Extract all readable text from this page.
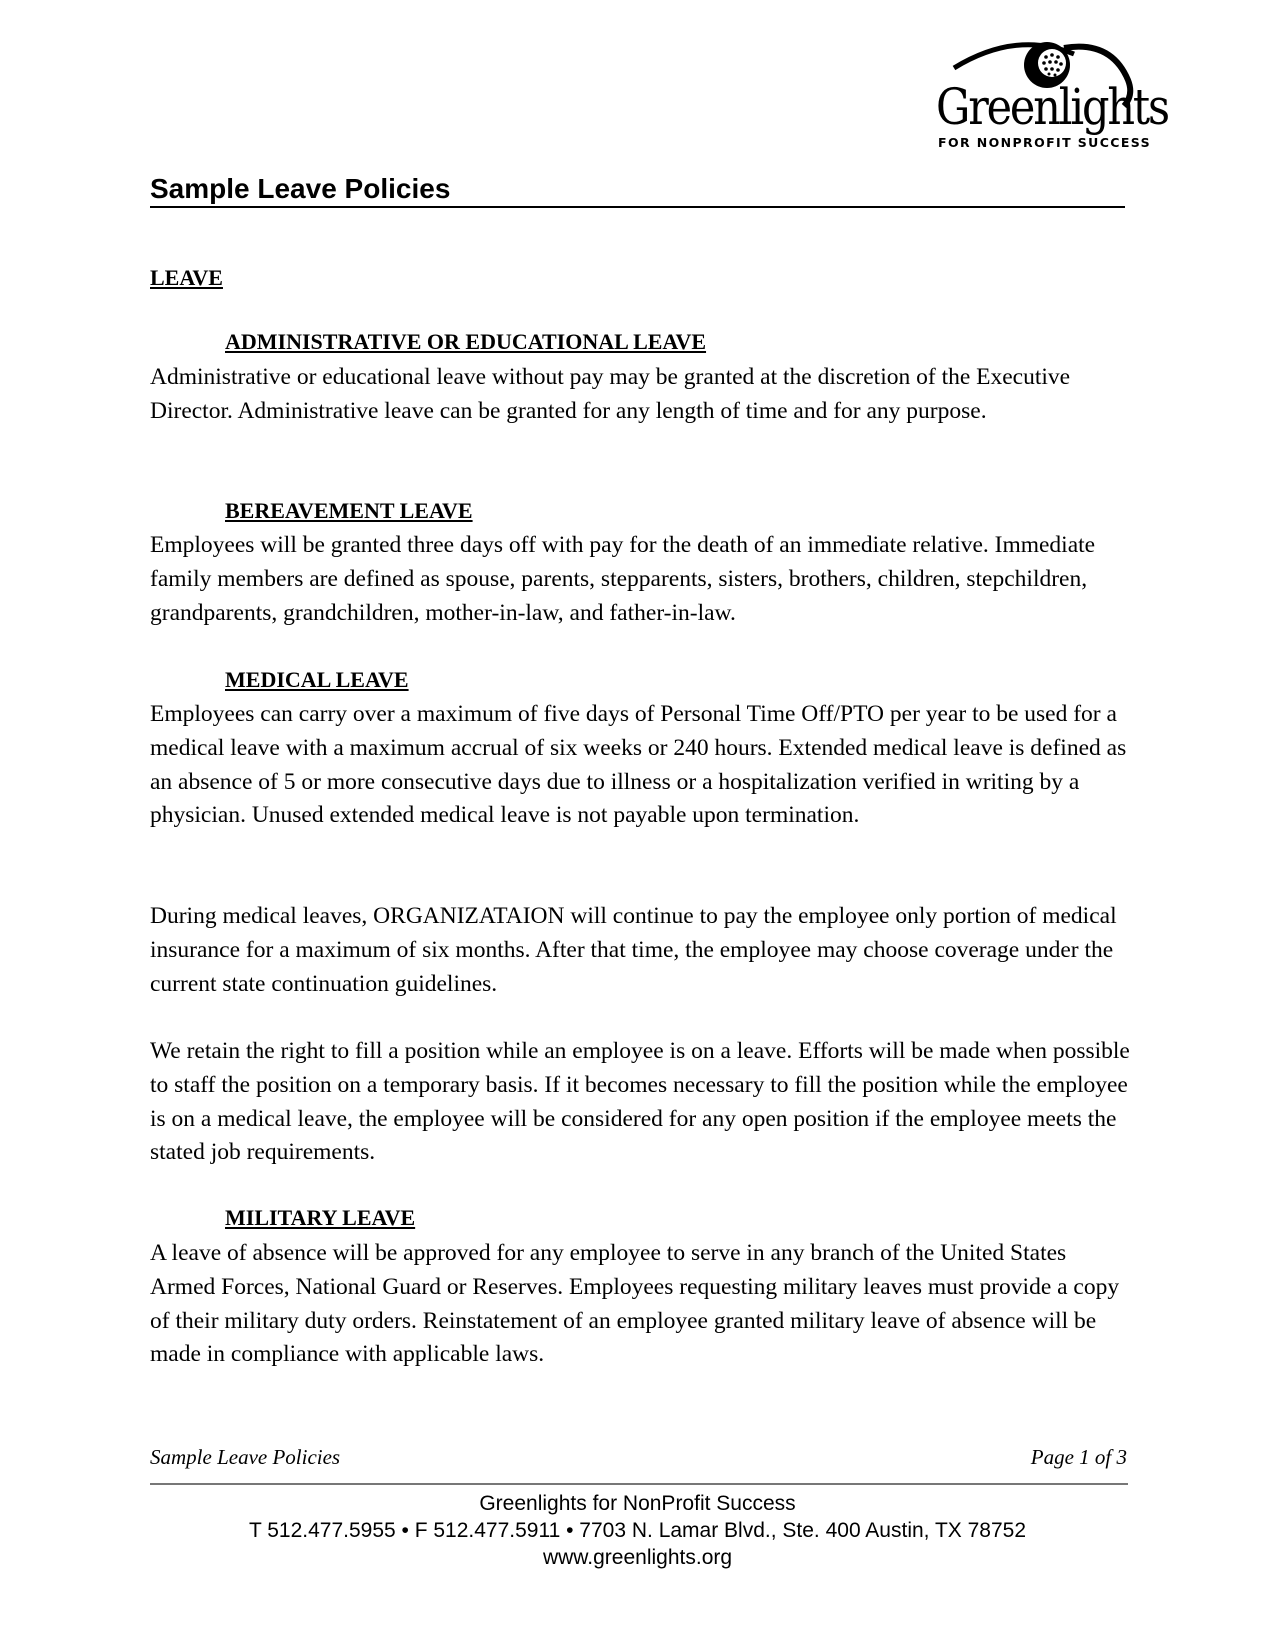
Greenlights
FOR NONPROFIT SUCCESS
Sample Leave Policies
LEAVE
ADMINISTRATIVE OR EDUCATIONAL LEAVE
Administrative or educational leave without pay may be granted at the discretion of the Executive Director. Administrative leave can be granted for any length of time and for any purpose.
BEREAVEMENT LEAVE
Employees will be granted three days off with pay for the death of an immediate relative. Immediate family members are defined as spouse, parents, stepparents, sisters, brothers, children, stepchildren, grandparents, grandchildren, mother-in-law, and father-in-law.
MEDICAL LEAVE
Employees can carry over a maximum of five days of Personal Time Off/PTO per year to be used for a medical leave with a maximum accrual of six weeks or 240 hours. Extended medical leave is defined as an absence of 5 or more consecutive days due to illness or a hospitalization verified in writing by a physician. Unused extended medical leave is not payable upon termination.
During medical leaves, ORGANIZATAION will continue to pay the employee only portion of medical insurance for a maximum of six months. After that time, the employee may choose coverage under the current state continuation guidelines.
We retain the right to fill a position while an employee is on a leave. Efforts will be made when possible to staff the position on a temporary basis. If it becomes necessary to fill the position while the employee is on a medical leave, the employee will be considered for any open position if the employee meets the stated job requirements.
MILITARY LEAVE
A leave of absence will be approved for any employee to serve in any branch of the United States Armed Forces, National Guard or Reserves. Employees requesting military leaves must provide a copy of their military duty orders. Reinstatement of an employee granted military leave of absence will be made in compliance with applicable laws.
Sample Leave Policies	Page 1 of 3
Greenlights for NonProfit Success
T 512.477.5955 • F 512.477.5911 • 7703 N. Lamar Blvd., Ste. 400 Austin, TX 78752
www.greenlights.org
